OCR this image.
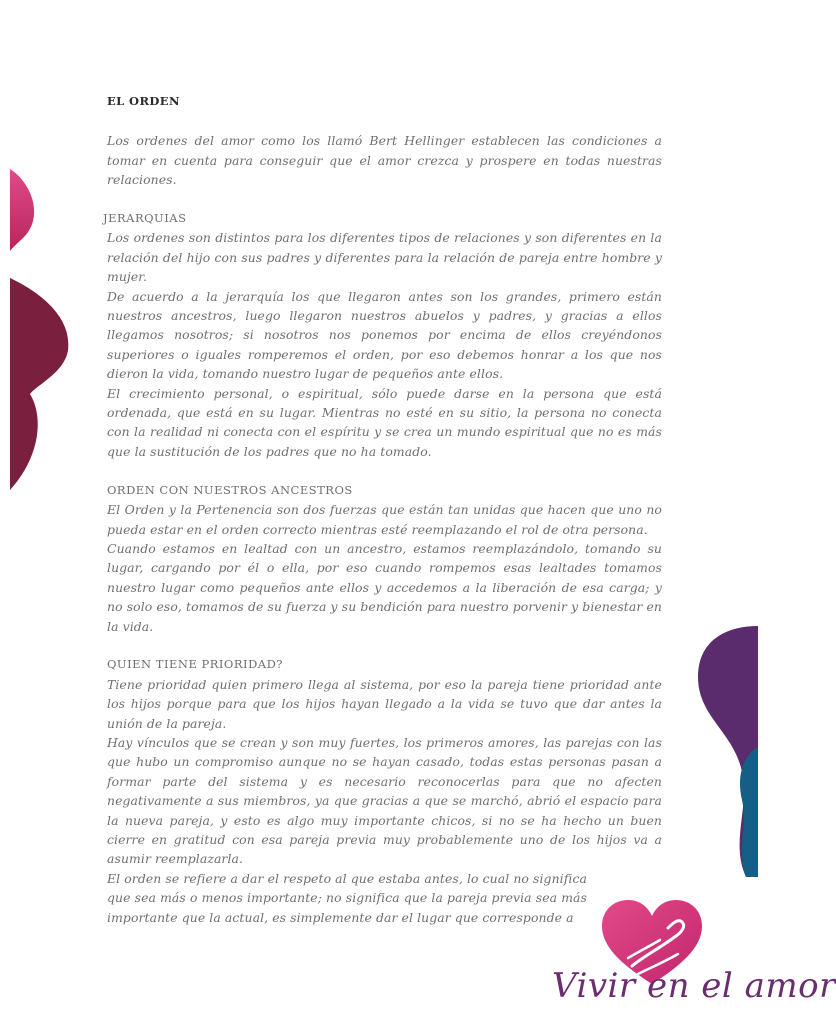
EL ORDEN

Los ordenes del amor como los llamó Bert Hellinger establecen las condiciones a tomar en cuenta para conseguir que el amor crezca y prospere en todas nuestras relaciones.

JERARQUIAS

Los ordenes son distintos para los diferentes tipos de relaciones y son diferentes en la relación del hijo con sus padres y diferentes para la relación de pareja entre hombre y mujer.

De acuerdo a la jerarquía los que llegaron antes son los grandes, primero están nuestros ancestros, luego llegaron nuestros abuelos y padres, y gracias a ellos llegamos nosotros; si nosotros nos ponemos por encima de ellos creyéndonos superiores o iguales romperemos el orden, por eso debemos honrar a los que nos dieron la vida, tomando nuestro lugar de pequeños ante ellos.

El crecimiento personal, o espiritual, sólo puede darse en la persona que está ordenada, que está en su lugar. Mientras no esté en su sitio, la persona no conecta con la realidad ni conecta con el espíritu y se crea un mundo espiritual que no es más que la sustitución de los padres que no ha tomado.

ORDEN CON NUESTROS ANCESTROS

El Orden y la Pertenencia son dos fuerzas que están tan unidas que hacen que uno no pueda estar en el orden correcto mientras esté reemplazando el rol de otra persona.

Cuando estamos en lealtad con un ancestro, estamos reemplazándolo, tomando su lugar, cargando por él o ella, por eso cuando rompemos esas lealtades tomamos nuestro lugar como pequeños ante ellos y accedemos a la liberación de esa carga; y no solo eso, tomamos de su fuerza y su bendición para nuestro porvenir y bienestar en la vida.

QUIEN TIENE PRIORIDAD?

Tiene prioridad quien primero llega al sistema, por eso la pareja tiene prioridad ante los hijos porque para que los hijos hayan llegado a la vida se tuvo que dar antes la unión de la pareja.

Hay vínculos que se crean y son muy fuertes, los primeros amores, las parejas con las que hubo un compromiso aunque no se hayan casado, todas estas personas pasan a formar parte del sistema y es necesario reconocerlas para que no afecten negativamente a sus miembros, ya que gracias a que se marchó, abrió el espacio para la nueva pareja, y esto es algo muy importante chicos, si no se ha hecho un buen cierre en gratitud con esa pareja previa muy probablemente uno de los hijos va a asumir reemplazarla.

El orden se refiere a dar el respeto al que estaba antes, lo cual no significa que sea más o menos importante; no significa que la pareja previa sea más importante que la actual, es simplemente dar el lugar que corresponde a

Vivir en el amor
